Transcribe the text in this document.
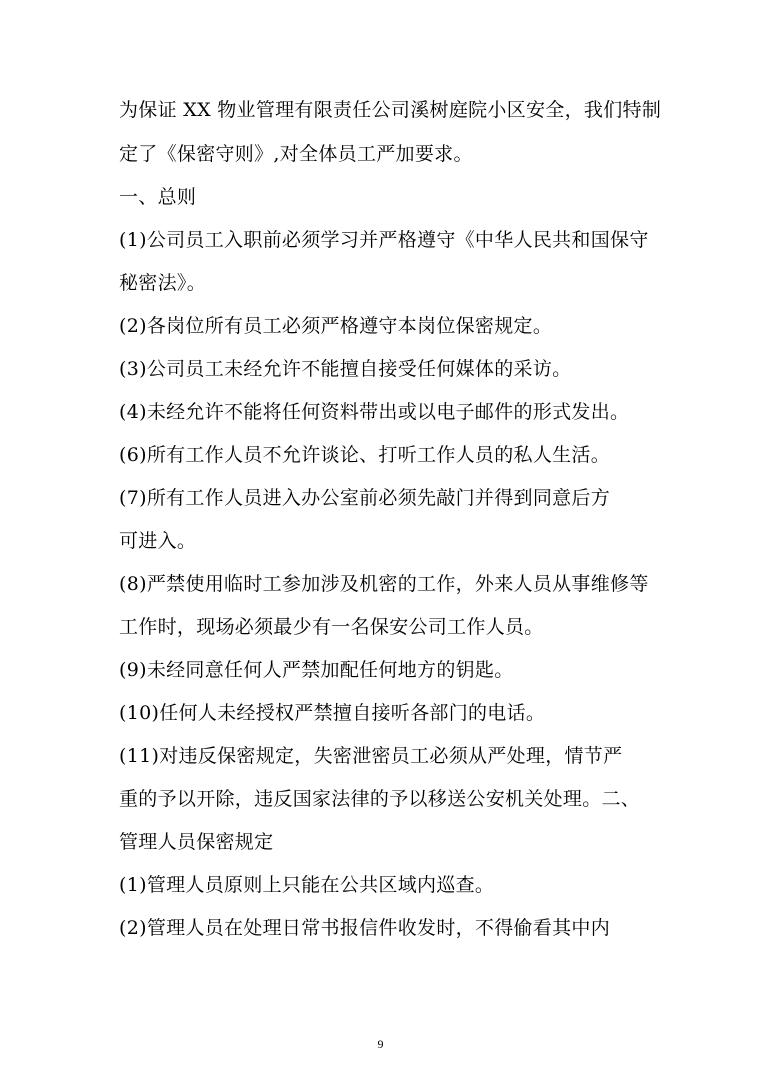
为保证 XX 物业管理有限责任公司溪树庭院小区安全，我们特制
定了《保密守则》,对全体员工严加要求。
一、总则
(1)公司员工入职前必须学习并严格遵守《中华人民共和国保守
秘密法》。
(2)各岗位所有员工必须严格遵守本岗位保密规定。
(3)公司员工未经允许不能擅自接受任何媒体的采访。
(4)未经允许不能将任何资料带出或以电子邮件的形式发出。
(6)所有工作人员不允许谈论、打听工作人员的私人生活。
(7)所有工作人员进入办公室前必须先敲门并得到同意后方
可进入。
(8)严禁使用临时工参加涉及机密的工作，外来人员从事维修等
工作时，现场必须最少有一名保安公司工作人员。
(9)未经同意任何人严禁加配任何地方的钥匙。
(10)任何人未经授权严禁擅自接听各部门的电话。
(11)对违反保密规定，失密泄密员工必须从严处理，情节严
重的予以开除，违反国家法律的予以移送公安机关处理。二、
管理人员保密规定
(1)管理人员原则上只能在公共区域内巡查。
(2)管理人员在处理日常书报信件收发时，不得偷看其中内
9
